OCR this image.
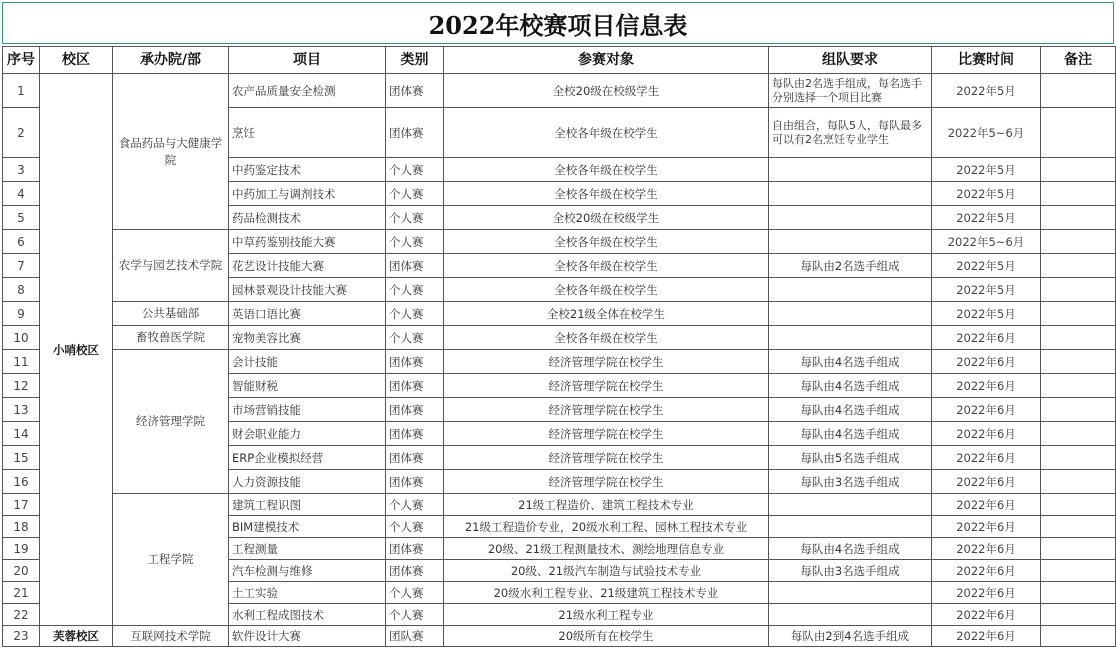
2022年校赛项目信息表
序号	校区	承办院/部	项目	类别	参赛对象	组队要求	比赛时间	备注
1	小哨校区	食品药品与大健康学院	农产品质量安全检测	团体赛	全校20级在校级学生	每队由2名选手组成，每名选手分别选择一个项目比赛	2022年5月	
2			烹饪	团体赛	全校各年级在校学生	自由组合，每队5人，每队最多可以有2名烹饪专业学生	2022年5~6月	
3			中药鉴定技术	个人赛	全校各年级在校学生		2022年5月	
4			中药加工与调剂技术	个人赛	全校各年级在校学生		2022年5月	
5			药品检测技术	个人赛	全校20级在校级学生		2022年5月	
6		农学与园艺技术学院	中草药鉴别技能大赛	个人赛	全校各年级在校学生		2022年5~6月	
7			花艺设计技能大赛	团体赛	全校各年级在校学生	每队由2名选手组成	2022年5月	
8			园林景观设计技能大赛	个人赛	全校各年级在校学生		2022年5月	
9		公共基础部	英语口语比赛	个人赛	全校21级全体在校学生		2022年5月	
10		畜牧兽医学院	宠物美容比赛	个人赛	全校各年级在校学生		2022年6月	
11		经济管理学院	会计技能	团体赛	经济管理学院在校学生	每队由4名选手组成	2022年6月	
12			智能财税	团体赛	经济管理学院在校学生	每队由4名选手组成	2022年6月	
13			市场营销技能	团体赛	经济管理学院在校学生	每队由4名选手组成	2022年6月	
14			财会职业能力	团体赛	经济管理学院在校学生	每队由4名选手组成	2022年6月	
15			ERP企业模拟经营	团体赛	经济管理学院在校学生	每队由5名选手组成	2022年6月	
16			人力资源技能	团体赛	经济管理学院在校学生	每队由3名选手组成	2022年6月	
17		工程学院	建筑工程识图	个人赛	21级工程造价、建筑工程技术专业		2022年6月	
18			BIM建模技术	个人赛	21级工程造价专业，20级水利工程、园林工程技术专业		2022年6月	
19			工程测量	团体赛	20级、21级工程测量技术、测绘地理信息专业	每队由4名选手组成	2022年6月	
20			汽车检测与维修	团体赛	20级、21级汽车制造与试验技术专业	每队由3名选手组成	2022年6月	
21			土工实验	个人赛	20级水利工程专业、21级建筑工程技术专业		2022年6月	
22			水利工程成图技术	个人赛	21级水利工程专业		2022年6月	
23	芙蓉校区	互联网技术学院	软件设计大赛	团队赛	20级所有在校学生	每队由2到4名选手组成	2022年6月	
